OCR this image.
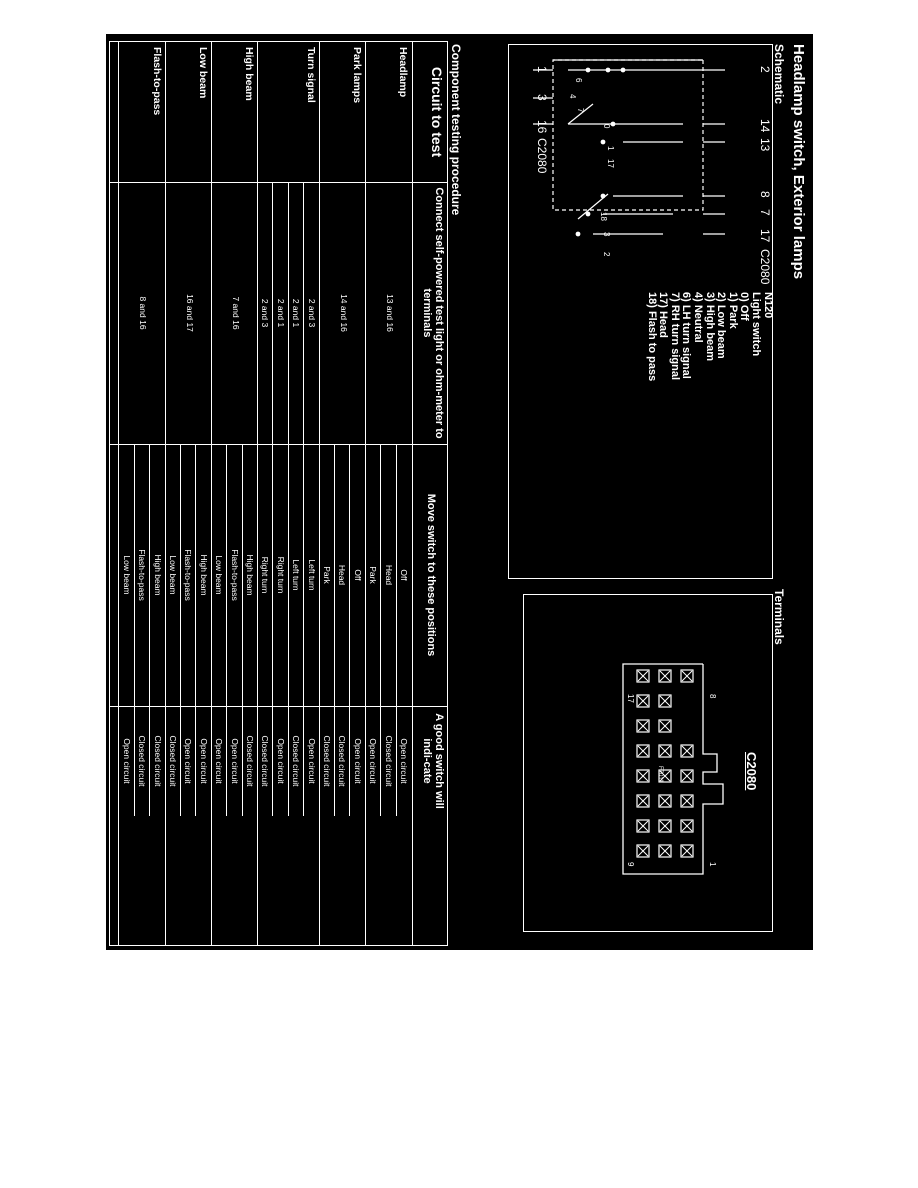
Headlamp switch, Exterior lamps
Schematic
2
14
13
8
7
17
C2080
1
3
16
C2080
6
4
7
0
1
17
18
3
2
N120
Light switch
0) Off
1) Park
2) Low beam
3) High beam
4) Neutral
6) LH turn signal
7) RH turn signal
17) Head
18) Flash to pass
Terminals
C2080
8
1
17
9
F7011
Component testing procedure
Circuit to test
Connect self-powered test light or ohm-meter to terminals
Move switch to these positions
A good switch will indi-cate
Headlamp
13 and 16
Off
Open circuit
Head
Closed circuit
Park
Open circuit
Park lamps
14 and 16
Off
Open circuit
Head
Closed circuit
Park
Closed circuit
Turn signal
2 and 3
Left turn
Open circuit
2 and 1
Left turn
Closed circuit
2 and 1
Right turn
Open circuit
2 and 3
Right turn
Closed circuit
High beam
7 and 16
High beam
Closed circuit
Flash-to-pass
Open circuit
Low beam
Open circuit
Low beam
16 and 17
High beam
Open circuit
Flash-to-pass
Open circuit
Low beam
Closed circuit
Flash-to-pass
8 and 16
High beam
Closed circuit
Flash-to-pass
Closed circuit
Low beam
Open circuit
